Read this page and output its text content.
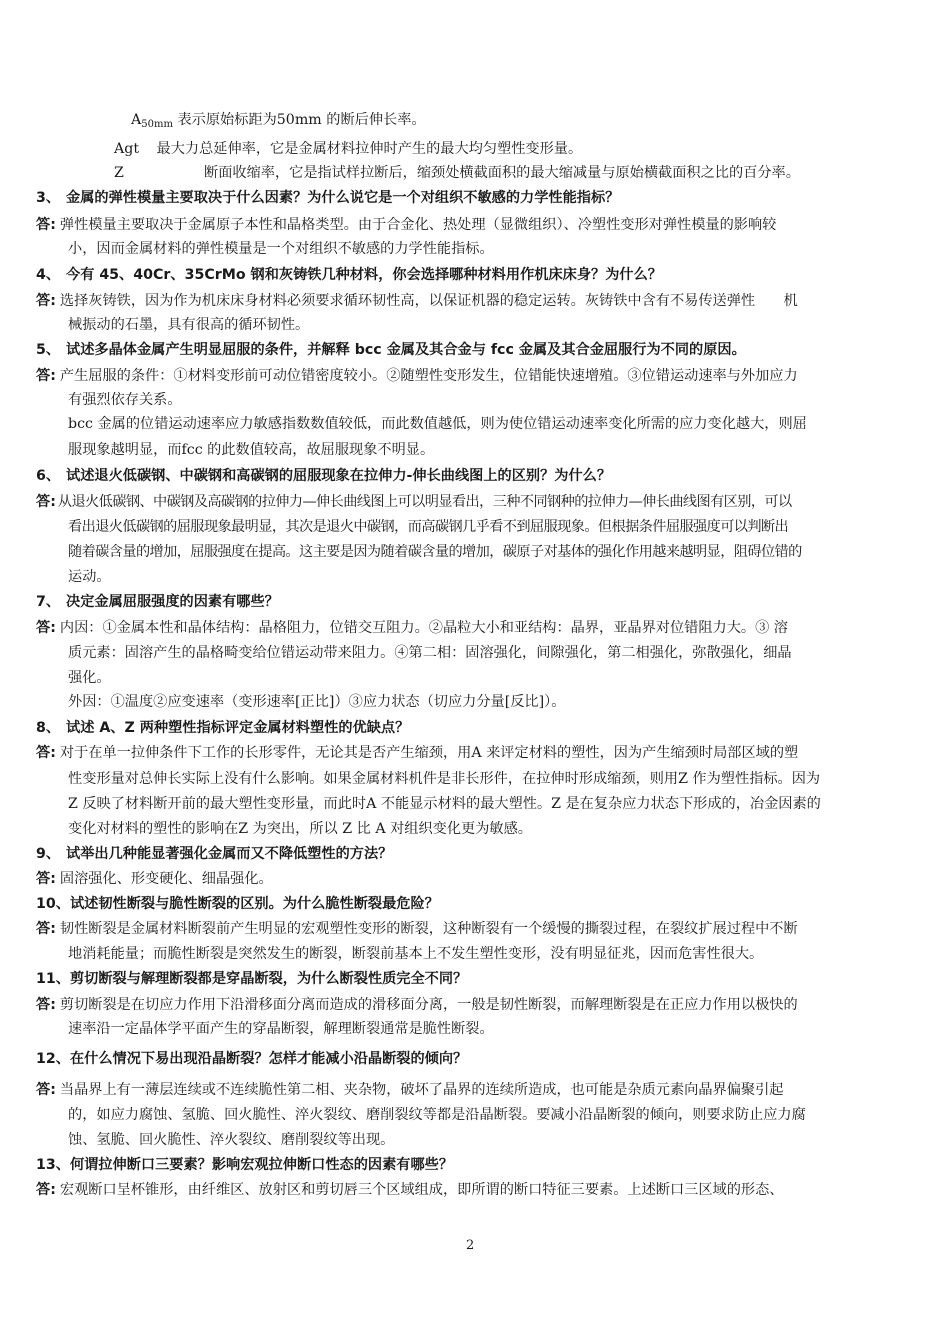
$A_{50mm}$ 表示原始标距为50mm 的断后伸长率。
Agt 最大力总延伸率，它是金属材料拉伸时产生的最大均匀塑性变形量。
Z	断面收缩率，它是指试样拉断后，缩颈处横截面积的最大缩减量与原始横截面积之比的百分率。
3、 金属的弹性模量主要取决于什么因素？为什么说它是一个对组织不敏感的力学性能指标？
答: 弹性模量主要取决于金属原子本性和晶格类型。由于合金化、热处理（显微组织）、冷塑性变形对弹性模量的影响较
小，因而金属材料的弹性模量是一个对组织不敏感的力学性能指标。
4、 今有 45、40Cr、35CrMo 钢和灰铸铁几种材料，你会选择哪种材料用作机床床身？为什么？
答: 选择灰铸铁，因为作为机床床身材料必须要求循环韧性高，以保证机器的稳定运转。灰铸铁中含有不易传送弹性　　机
械振动的石墨，具有很高的循环韧性。
5、 试述多晶体金属产生明显屈服的条件，并解释 bcc 金属及其合金与 fcc 金属及其合金屈服行为不同的原因。
答: 产生屈服的条件：①材料变形前可动位错密度较小。②随塑性变形发生，位错能快速增殖。③位错运动速率与外加应力
有强烈依存关系。
bcc 金属的位错运动速率应力敏感指数数值较低，而此数值越低，则为使位错运动速率变化所需的应力变化越大，则屈
服现象越明显，而fcc 的此数值较高，故屈服现象不明显。
6、 试述退火低碳钢、中碳钢和高碳钢的屈服现象在拉伸力-伸长曲线图上的区别？为什么？
答: 从退火低碳钢、中碳钢及高碳钢的拉伸力—伸长曲线图上可以明显看出，三种不同钢种的拉伸力—伸长曲线图有区别，可以
看出退火低碳钢的屈服现象最明显，其次是退火中碳钢，而高碳钢几乎看不到屈服现象。但根据条件屈服强度可以判断出
随着碳含量的增加，屈服强度在提高。这主要是因为随着碳含量的增加，碳原子对基体的强化作用越来越明显，阻碍位错的
运动。
7、 决定金属屈服强度的因素有哪些？
答: 内因：①金属本性和晶体结构：晶格阻力，位错交互阻力。②晶粒大小和亚结构：晶界，亚晶界对位错阻力大。③ 溶
质元素：固溶产生的晶格畸变给位错运动带来阻力。④第二相：固溶强化，间隙强化，第二相强化，弥散强化，细晶
强化。
外因：①温度②应变速率（变形速率[正比]）③应力状态（切应力分量[反比]）。
8、 试述 A、Z 两种塑性指标评定金属材料塑性的优缺点？
答: 对于在单一拉伸条件下工作的长形零件，无论其是否产生缩颈，用A 来评定材料的塑性，因为产生缩颈时局部区域的塑
性变形量对总伸长实际上没有什么影响。如果金属材料机件是非长形件，在拉伸时形成缩颈，则用Z 作为塑性指标。因为
Z 反映了材料断开前的最大塑性变形量，而此时A 不能显示材料的最大塑性。Z 是在复杂应力状态下形成的，冶金因素的
变化对材料的塑性的影响在Z 为突出，所以 Z 比 A 对组织变化更为敏感。
9、 试举出几种能显著强化金属而又不降低塑性的方法？
答: 固溶强化、形变硬化、细晶强化。
10、试述韧性断裂与脆性断裂的区别。为什么脆性断裂最危险？
答: 韧性断裂是金属材料断裂前产生明显的宏观塑性变形的断裂，这种断裂有一个缓慢的撕裂过程，在裂纹扩展过程中不断
地消耗能量；而脆性断裂是突然发生的断裂，断裂前基本上不发生塑性变形，没有明显征兆，因而危害性很大。
11、剪切断裂与解理断裂都是穿晶断裂，为什么断裂性质完全不同？
答: 剪切断裂是在切应力作用下沿滑移面分离而造成的滑移面分离，一般是韧性断裂，而解理断裂是在正应力作用以极快的
速率沿一定晶体学平面产生的穿晶断裂，解理断裂通常是脆性断裂。
12、在什么情况下易出现沿晶断裂？怎样才能减小沿晶断裂的倾向？
答: 当晶界上有一薄层连续或不连续脆性第二相、夹杂物，破坏了晶界的连续所造成，也可能是杂质元素向晶界偏聚引起
的，如应力腐蚀、氢脆、回火脆性、淬火裂纹、磨削裂纹等都是沿晶断裂。要减小沿晶断裂的倾向，则要求防止应力腐
蚀、氢脆、回火脆性、淬火裂纹、磨削裂纹等出现。
13、何谓拉伸断口三要素？影响宏观拉伸断口性态的因素有哪些？
答: 宏观断口呈杯锥形，由纤维区、放射区和剪切唇三个区域组成，即所谓的断口特征三要素。上述断口三区域的形态、
2
